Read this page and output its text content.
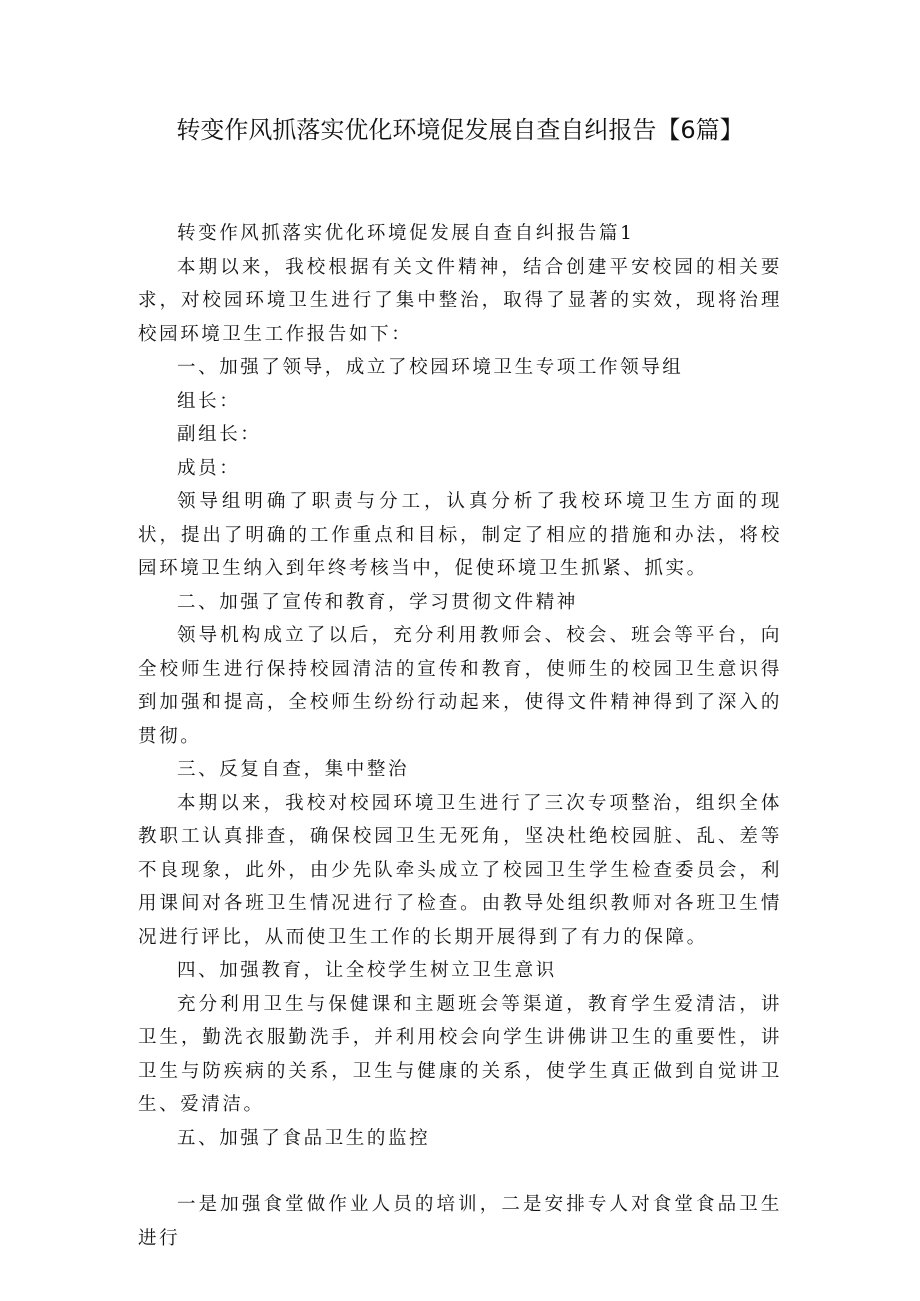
转变作风抓落实优化环境促发展自查自纠报告【6篇】

转变作风抓落实优化环境促发展自查自纠报告篇1

本期以来，我校根据有关文件精神，结合创建平安校园的相关要求，对校园环境卫生进行了集中整治，取得了显著的实效，现将治理校园环境卫生工作报告如下：

一、加强了领导，成立了校园环境卫生专项工作领导组

组长：

副组长：

成员：

领导组明确了职责与分工，认真分析了我校环境卫生方面的现状，提出了明确的工作重点和目标，制定了相应的措施和办法，将校园环境卫生纳入到年终考核当中，促使环境卫生抓紧、抓实。

二、加强了宣传和教育，学习贯彻文件精神

领导机构成立了以后，充分利用教师会、校会、班会等平台，向全校师生进行保持校园清洁的宣传和教育，使师生的校园卫生意识得到加强和提高，全校师生纷纷行动起来，使得文件精神得到了深入的贯彻。

三、反复自查，集中整治

本期以来，我校对校园环境卫生进行了三次专项整治，组织全体教职工认真排查，确保校园卫生无死角，坚决杜绝校园脏、乱、差等不良现象，此外，由少先队牵头成立了校园卫生学生检查委员会，利用课间对各班卫生情况进行了检查。由教导处组织教师对各班卫生情况进行评比，从而使卫生工作的长期开展得到了有力的保障。

四、加强教育，让全校学生树立卫生意识

充分利用卫生与保健课和主题班会等渠道，教育学生爱清洁，讲卫生，勤洗衣服勤洗手，并利用校会向学生讲佛讲卫生的重要性，讲卫生与防疾病的关系，卫生与健康的关系，使学生真正做到自觉讲卫生、爱清洁。

五、加强了食品卫生的监控

一是加强食堂做作业人员的培训，二是安排专人对食堂食品卫生进行
